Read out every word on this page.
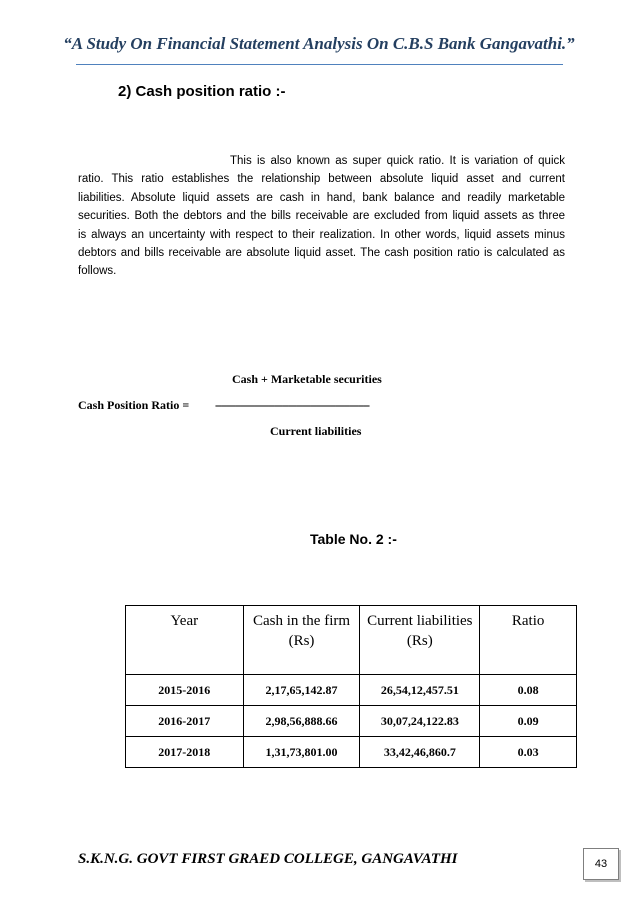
“A Study On Financial Statement Analysis On C.B.S Bank Gangavathi.”
2) Cash position ratio :-

This is also known as super quick ratio. It is variation of quick ratio. This ratio establishes the relationship between absolute liquid asset and current liabilities. Absolute liquid assets are cash in hand, bank balance and readily marketable securities. Both the debtors and the bills receivable are excluded from liquid assets as three is always an uncertainty with respect to their realization. In other words, liquid assets minus debtors and bills receivable are absolute liquid asset. The cash position ratio is calculated as follows.

Cash + Marketable securities
Cash Position Ratio = -------------------------------------------------------
Current liabilities
Table No. 2 :-
Year	Cash in the firm (Rs)	Current liabilities (Rs)	Ratio
2015-2016	2,17,65,142.87	26,54,12,457.51	0.08
2016-2017	2,98,56,888.66	30,07,24,122.83	0.09
2017-2018	1,31,73,801.00	33,42,46,860.7	0.03
S.K.N.G. GOVT FIRST GRAED COLLEGE, GANGAVATHI	43
